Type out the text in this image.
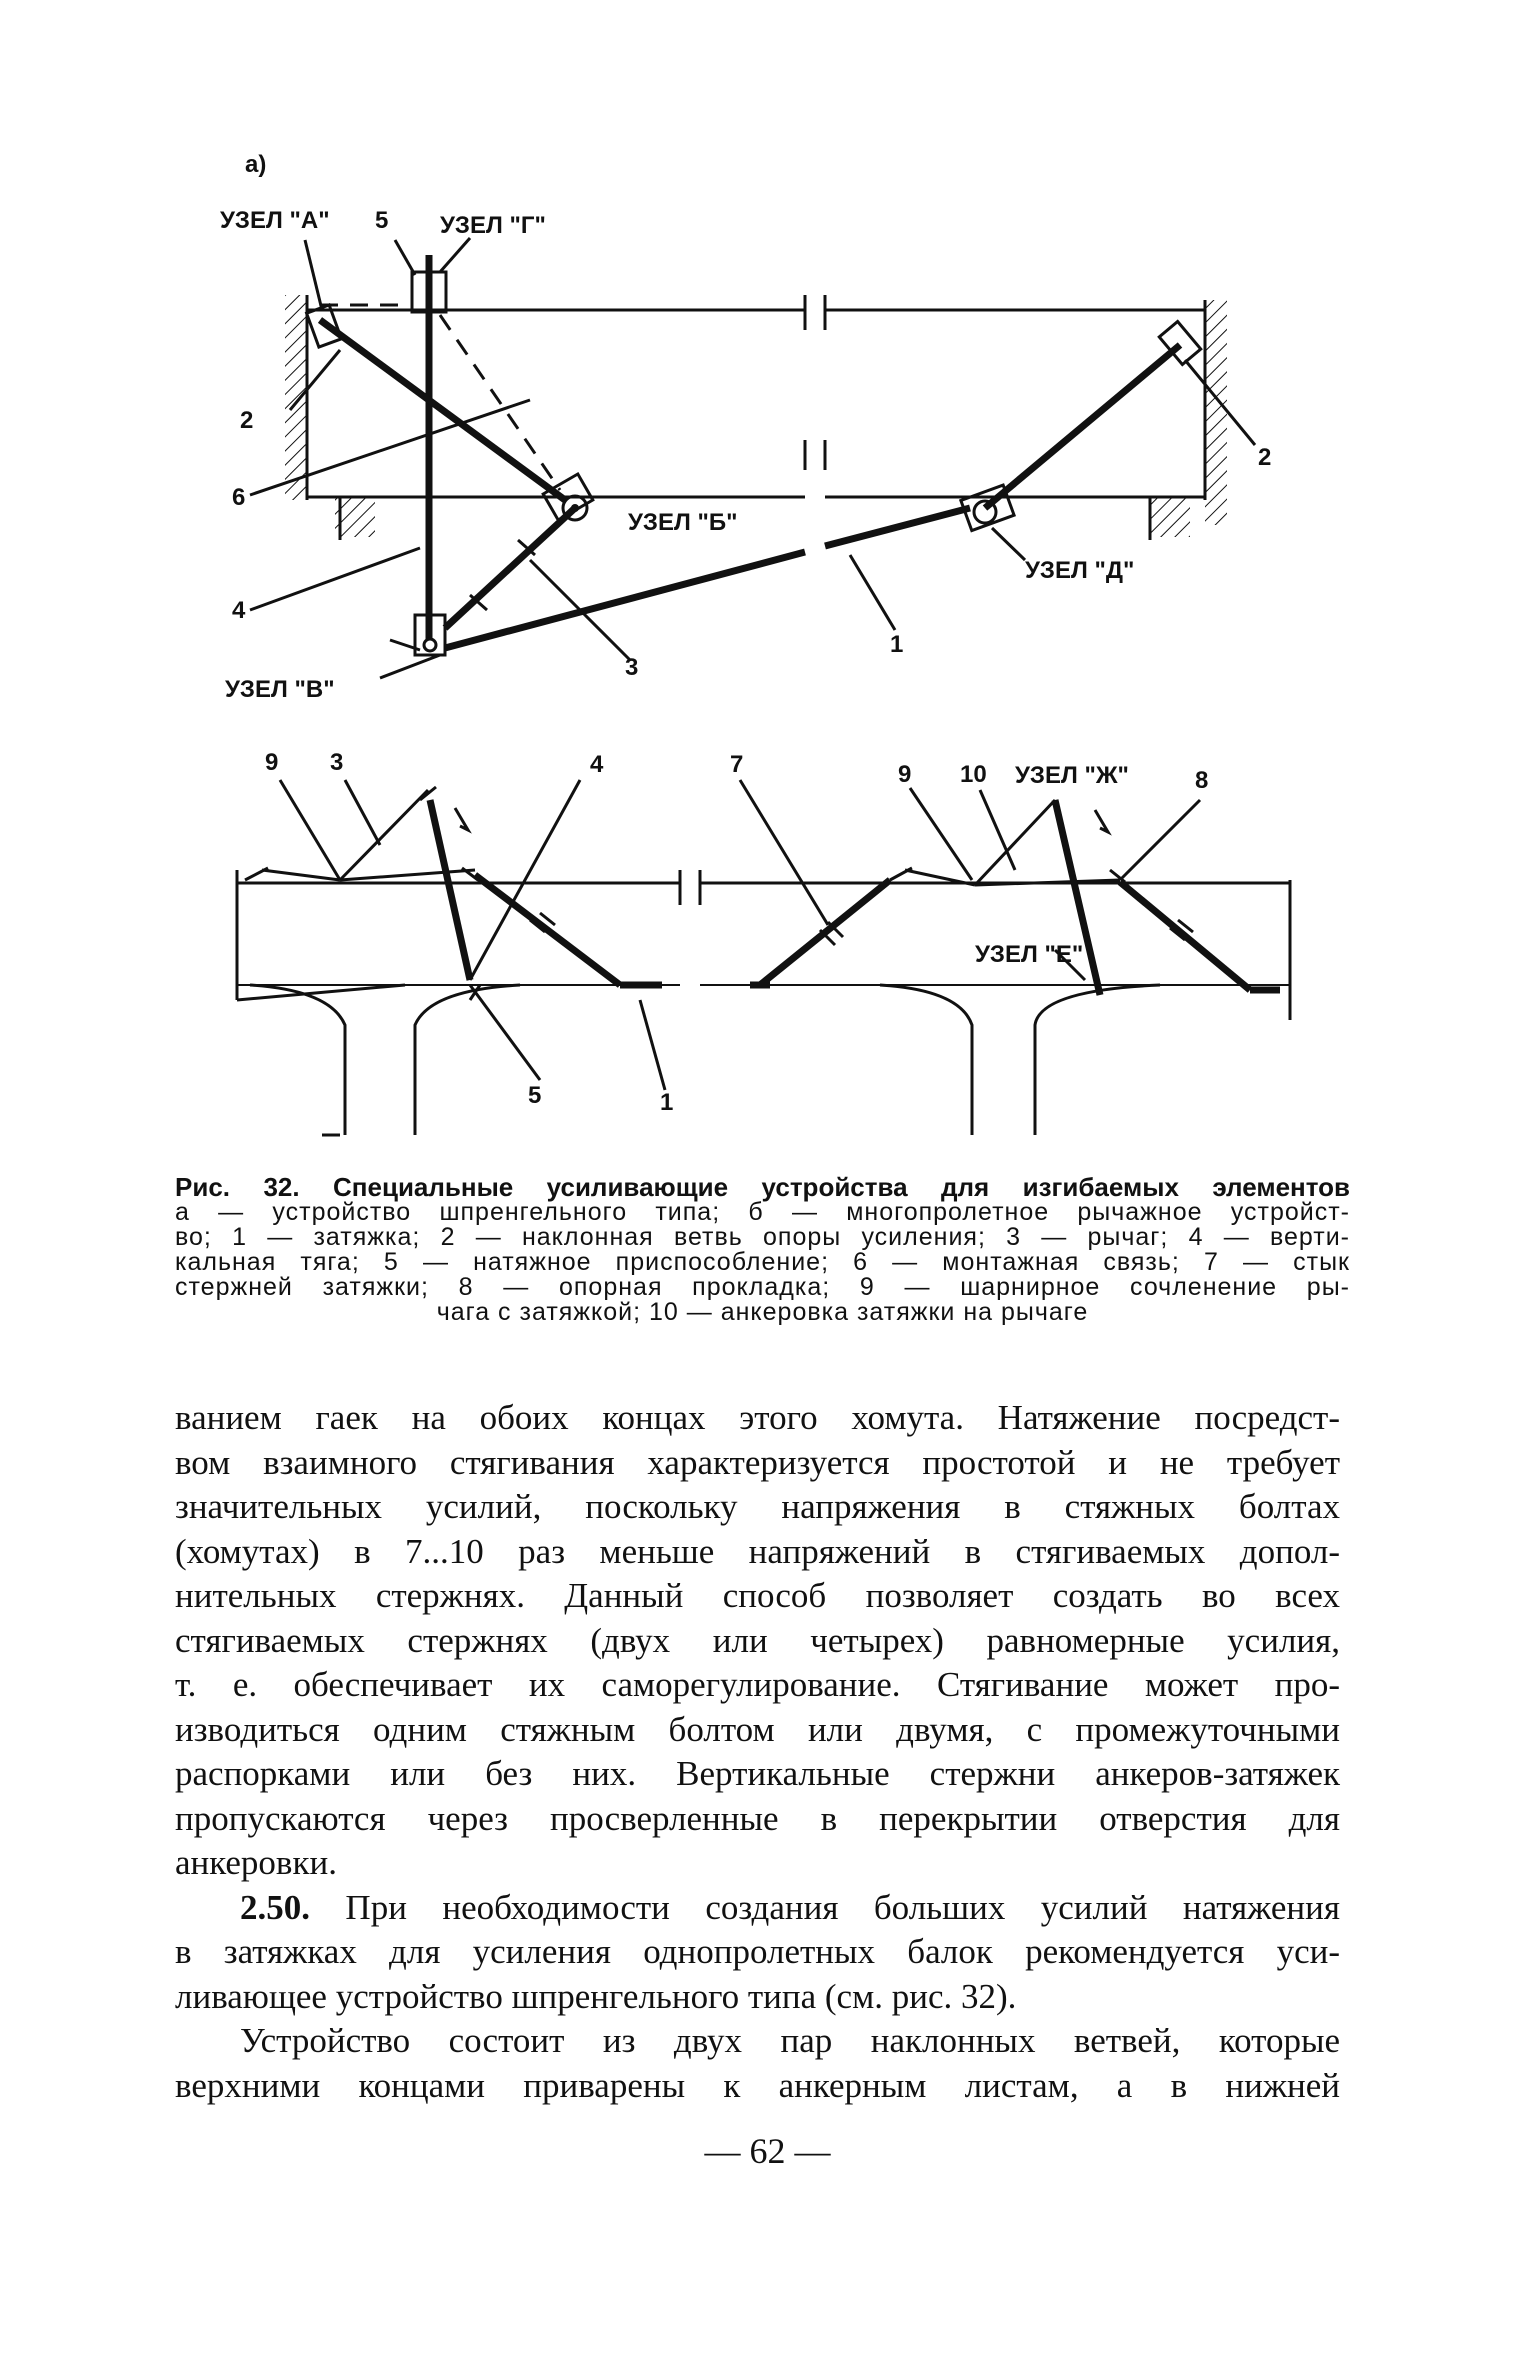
а)
УЗЕЛ "А" 5 УЗЕЛ "Г"
2
6
УЗЕЛ "Б"
4
УЗЕЛ "В"
3
1
УЗЕЛ "Д"
2
9 3	4	7	9 10 УЗЕЛ "Ж"	8
УЗЕЛ "Е"
5	1
Рис. 32. Специальные усиливающие устройства для изгибаемых элементов
а — устройство шпренгельного типа; б — многопролетное рычажное устройст-
во; 1 — затяжка; 2 — наклонная ветвь опоры усиления; 3 — рычаг; 4 — верти-
кальная тяга; 5 — натяжное приспособление; 6 — монтажная связь; 7 — стык
стержней затяжки; 8 — опорная прокладка; 9 — шарнирное сочленение ры-
чага с затяжкой; 10 — анкеровка затяжки на рычаге

ванием гаек на обоих концах этого хомута. Натяжение посредст-

вом взаимного стягивания характеризуется простотой и не требует

значительных усилий, поскольку напряжения в стяжных болтах

(хомутах) в 7...10 раз меньше напряжений в стягиваемых допол-

нительных стержнях. Данный способ позволяет создать во всех

стягиваемых стержнях (двух или четырех) равномерные усилия,

т. е. обеспечивает их саморегулирование. Стягивание может про-

изводиться одним стяжным болтом или двумя, с промежуточными

распорками или без них. Вертикальные стержни анкеров-затяжек

пропускаются через просверленные в перекрытии отверстия для

анкеровки.

2.50. При необходимости создания больших усилий натяжения

в затяжках для усиления однопролетных балок рекомендуется уси-

ливающее устройство шпренгельного типа (см. рис. 32).

Устройство состоит из двух пар наклонных ветвей, которые

верхними концами приварены к анкерным листам, а в нижней

— 62 —
